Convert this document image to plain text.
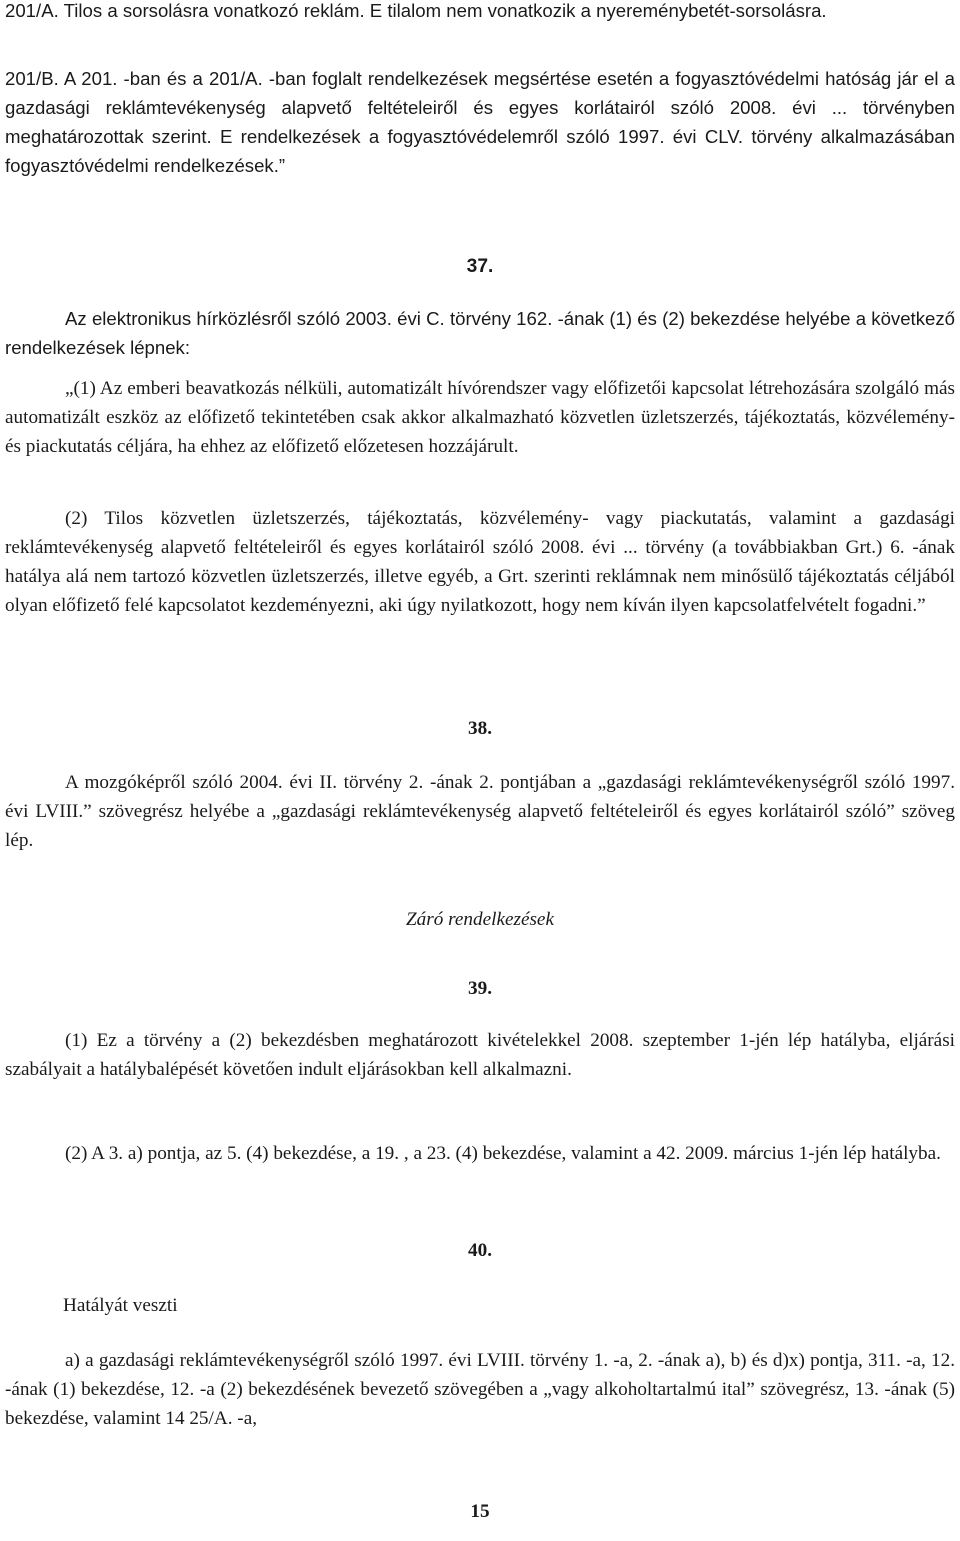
201/A. Tilos a sorsolásra vonatkozó reklám. E tilalom nem vonatkozik a nyereménybetét-sorsolásra.

201/B. A 201. -ban és a 201/A. -ban foglalt rendelkezések megsértése esetén a fogyasztóvédelmi hatóság jár el a gazdasági reklámtevékenység alapvető feltételeiről és egyes korlátairól szóló 2008. évi ... törvényben meghatározottak szerint. E rendelkezések a fogyasztóvédelemről szóló 1997. évi CLV. törvény alkalmazásában fogyasztóvédelmi rendelkezések.”

37.

Az elektronikus hírközlésről szóló 2003. évi C. törvény 162. -ának (1) és (2) bekezdése helyébe a következő rendelkezések lépnek:

„(1) Az emberi beavatkozás nélküli, automatizált hívórendszer vagy előfizetői kapcsolat létrehozására szolgáló más automatizált eszköz az előfizető tekintetében csak akkor alkalmazható közvetlen üzletszerzés, tájékoztatás, közvélemény- és piackutatás céljára, ha ehhez az előfizető előzetesen hozzájárult.

(2) Tilos közvetlen üzletszerzés, tájékoztatás, közvélemény- vagy piackutatás, valamint a gazdasági reklámtevékenység alapvető feltételeiről és egyes korlátairól szóló 2008. évi ... törvény (a továbbiakban Grt.) 6. -ának hatálya alá nem tartozó közvetlen üzletszerzés, illetve egyéb, a Grt. szerinti reklámnak nem minősülő tájékoztatás céljából olyan előfizető felé kapcsolatot kezdeményezni, aki úgy nyilatkozott, hogy nem kíván ilyen kapcsolatfelvételt fogadni.”

38.

A mozgóképről szóló 2004. évi II. törvény 2. -ának 2. pontjában a „gazdasági reklámtevékenységről szóló 1997. évi LVIII.” szövegrész helyébe a „gazdasági reklámtevékenység alapvető feltételeiről és egyes korlátairól szóló” szöveg lép.

Záró rendelkezések

39.

(1) Ez a törvény a (2) bekezdésben meghatározott kivételekkel 2008. szeptember 1-jén lép hatályba, eljárási szabályait a hatálybalépését követően indult eljárásokban kell alkalmazni.

(2) A 3. a) pontja, az 5. (4) bekezdése, a 19. , a 23. (4) bekezdése, valamint a 42. 2009. március 1-jén lép hatályba.

40.

Hatályát veszti

a) a gazdasági reklámtevékenységről szóló 1997. évi LVIII. törvény 1. -a, 2. -ának a), b) és d)x) pontja, 311. -a, 12. -ának (1) bekezdése, 12. -a (2) bekezdésének bevezető szövegében a „vagy alkoholtartalmú ital” szövegrész, 13. -ának (5) bekezdése, valamint 14 25/A. -a,

15
